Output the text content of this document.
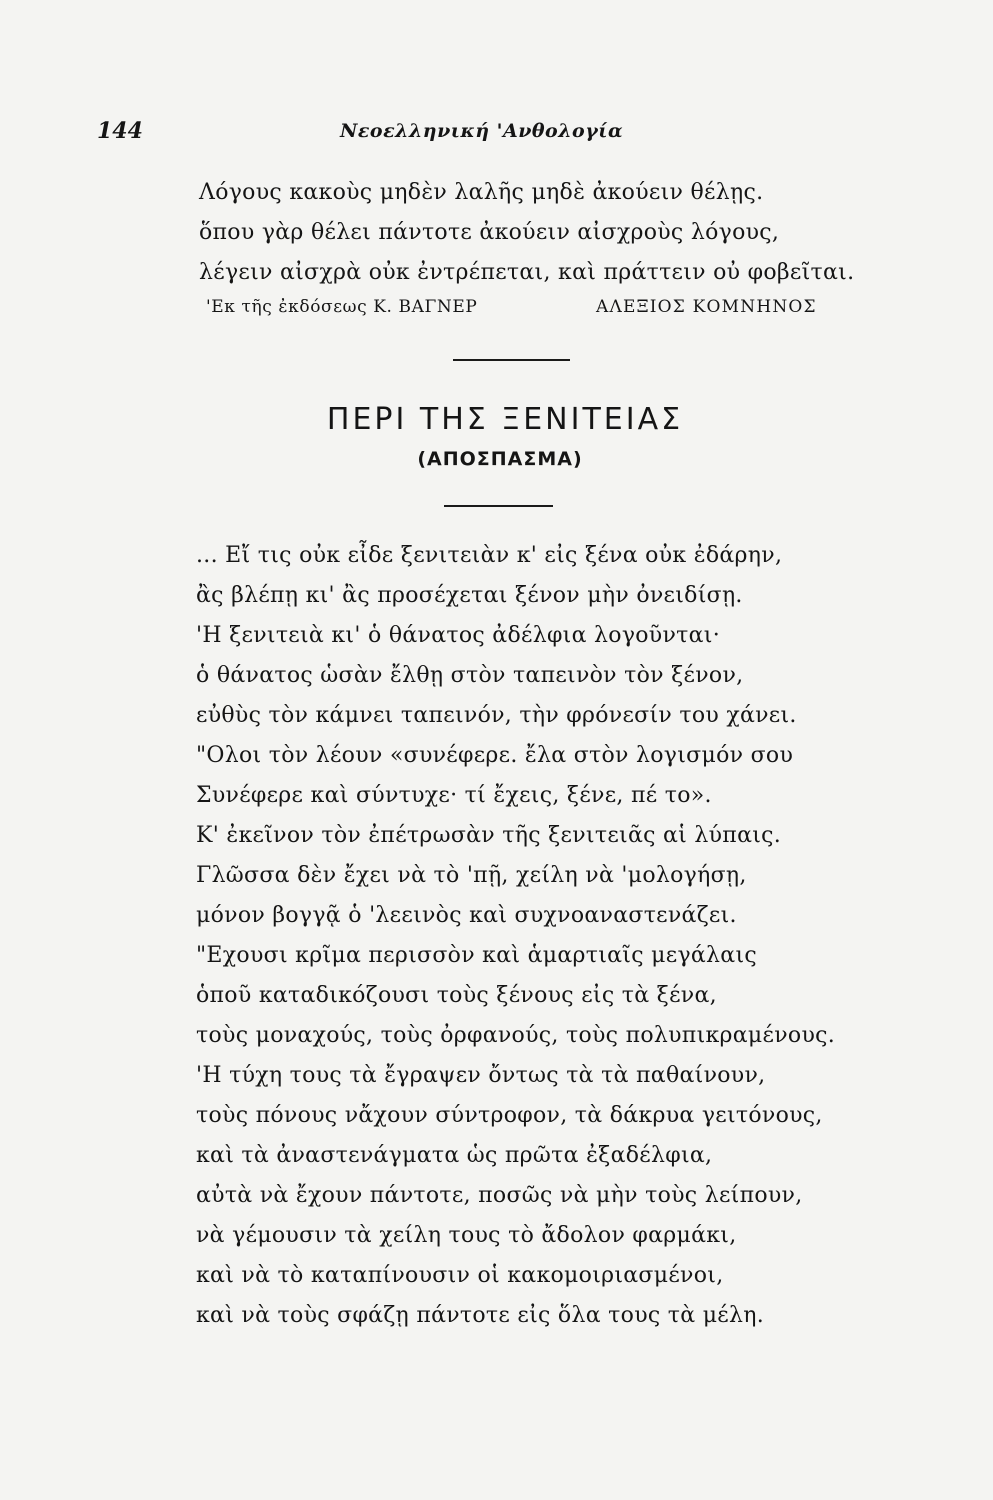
144	Νεοελληνική 'Ανθολογία
Λόγους κακοὺς μηδὲν λαλῆς μηδὲ ἀκούειν θέλῃς.
ὅπου γὰρ θέλει πάντοτε ἀκούειν αἰσχροὺς λόγους,
λέγειν αἰσχρὰ οὐκ ἐντρέπεται, καὶ πράττειν οὐ φοβεῖται.
'Εκ τῆς ἐκδόσεως Κ. ΒΑΓΝΕΡ	ΑΛΕΞΙΟΣ ΚΟΜΝΗΝΟΣ
ΠΕΡΙ ΤΗΣ ΞΕΝΙΤΕΙΑΣ
(ΑΠΟΣΠΑΣΜΑ)
... Εἴ τις οὐκ εἶδε ξενιτειὰν κ' εἰς ξένα οὐκ ἐδάρην,
ἂς βλέπῃ κι' ἂς προσέχεται ξένον μὴν ὀνειδίσῃ.
'Η ξενιτειὰ κι' ὁ θάνατος ἀδέλφια λογοῦνται·
ὁ θάνατος ὡσὰν ἔλθῃ στὸν ταπεινὸν τὸν ξένον,
εὐθὺς τὸν κάμνει ταπεινόν, τὴν φρόνεσίν του χάνει.
"Ολοι τὸν λέουν «συνέφερε. ἔλα στὸν λογισμόν σου
Συνέφερε καὶ σύντυχε· τί ἔχεις, ξένε, πέ το».
Κ' ἐκεῖνον τὸν ἐπέτρωσὰν τῆς ξενιτειᾶς αἱ λύπαις.
Γλῶσσα δὲν ἔχει νὰ τὸ 'πῇ, χείλη νὰ 'μολογήσῃ,
μόνον βογγᾷ ὁ 'λεεινὸς καὶ συχνοαναστενάζει.
"Εχουσι κρῖμα περισσὸν καὶ ἁμαρτιαῖς μεγάλαις
ὁποῦ καταδικόζουσι τοὺς ξένους εἰς τὰ ξένα,
τοὺς μοναχούς, τοὺς ὀρφανούς, τοὺς πολυπικραμένους.
'Η τύχη τους τὰ ἔγραψεν ὄντως τὰ τὰ παθαίνουν,
τοὺς πόνους νἄχουν σύντροφον, τὰ δάκρυα γειτόνους,
καὶ τὰ ἀναστενάγματα ὡς πρῶτα ἐξαδέλφια,
αὐτὰ νὰ ἔχουν πάντοτε, ποσῶς νὰ μὴν τοὺς λείπουν,
νὰ γέμουσιν τὰ χείλη τους τὸ ἄδολον φαρμάκι,
καὶ νὰ τὸ καταπίνουσιν οἱ κακομοιριασμένοι,
καὶ νὰ τοὺς σφάζῃ πάντοτε εἰς ὅλα τους τὰ μέλη.
